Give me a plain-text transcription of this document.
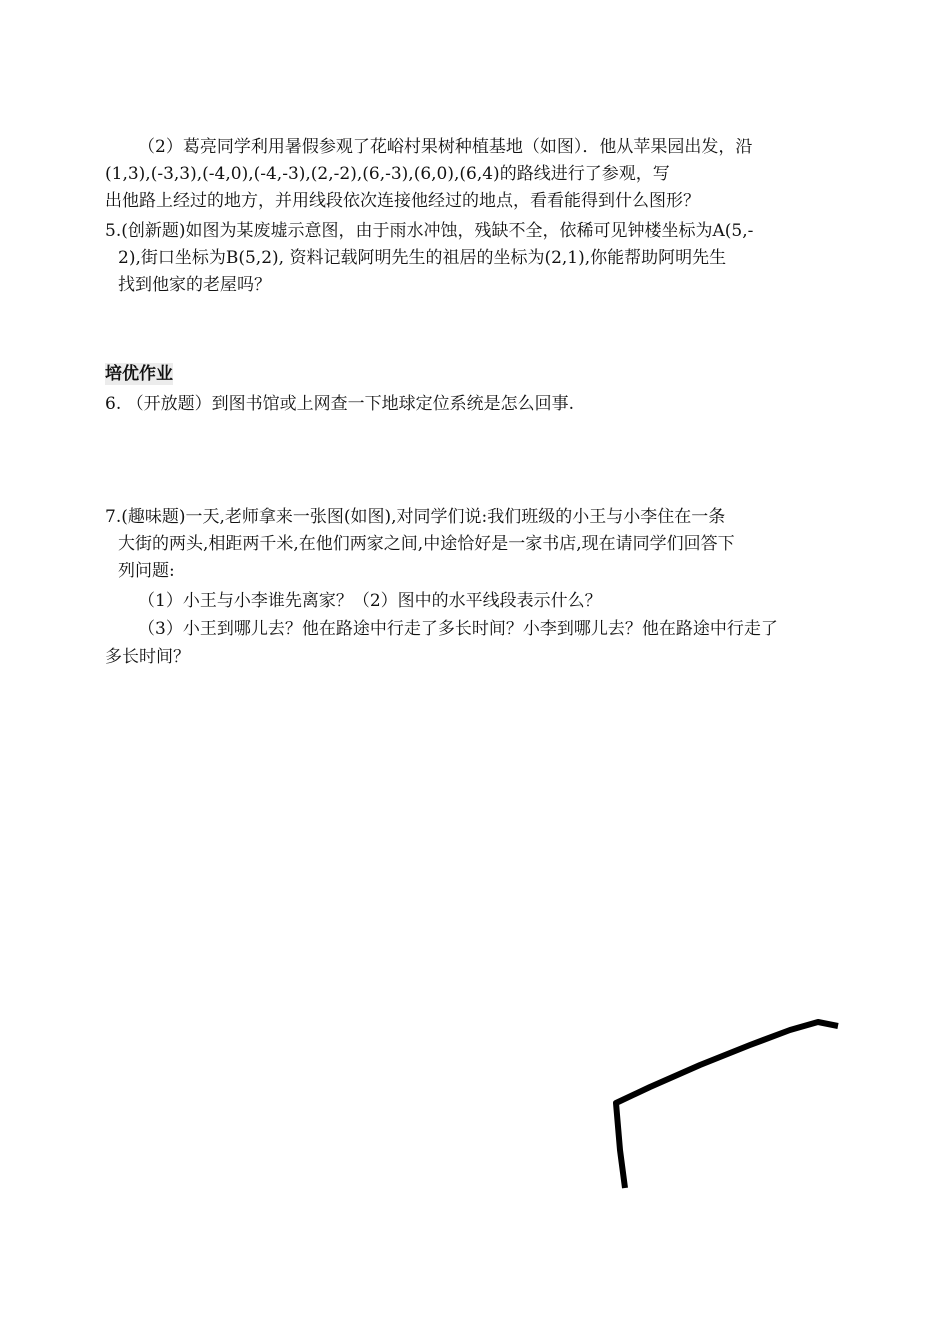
（2）葛亮同学利用暑假参观了花峪村果树种植基地（如图）．他从苹果园出发，沿
(1,3),(-3,3),(-4,0),(-4,-3),(2,-2),(6,-3),(6,0),(6,4)的路线进行了参观，写
出他路上经过的地方，并用线段依次连接他经过的地点，看看能得到什么图形？
5.(创新题)如图为某废墟示意图，由于雨水冲蚀，残缺不全，依稀可见钟楼坐标为A(5,-
2),街口坐标为B(5,2), 资料记载阿明先生的祖居的坐标为(2,1),你能帮助阿明先生
找到他家的老屋吗？
培优作业
6. （开放题）到图书馆或上网查一下地球定位系统是怎么回事.
7.(趣味题)一天,老师拿来一张图(如图),对同学们说:我们班级的小王与小李住在一条
大街的两头,相距两千米,在他们两家之间,中途恰好是一家书店,现在请同学们回答下
列问题:
（1）小王与小李谁先离家？（2）图中的水平线段表示什么？
（3）小王到哪儿去？他在路途中行走了多长时间？小李到哪儿去？他在路途中行走了
多长时间？
